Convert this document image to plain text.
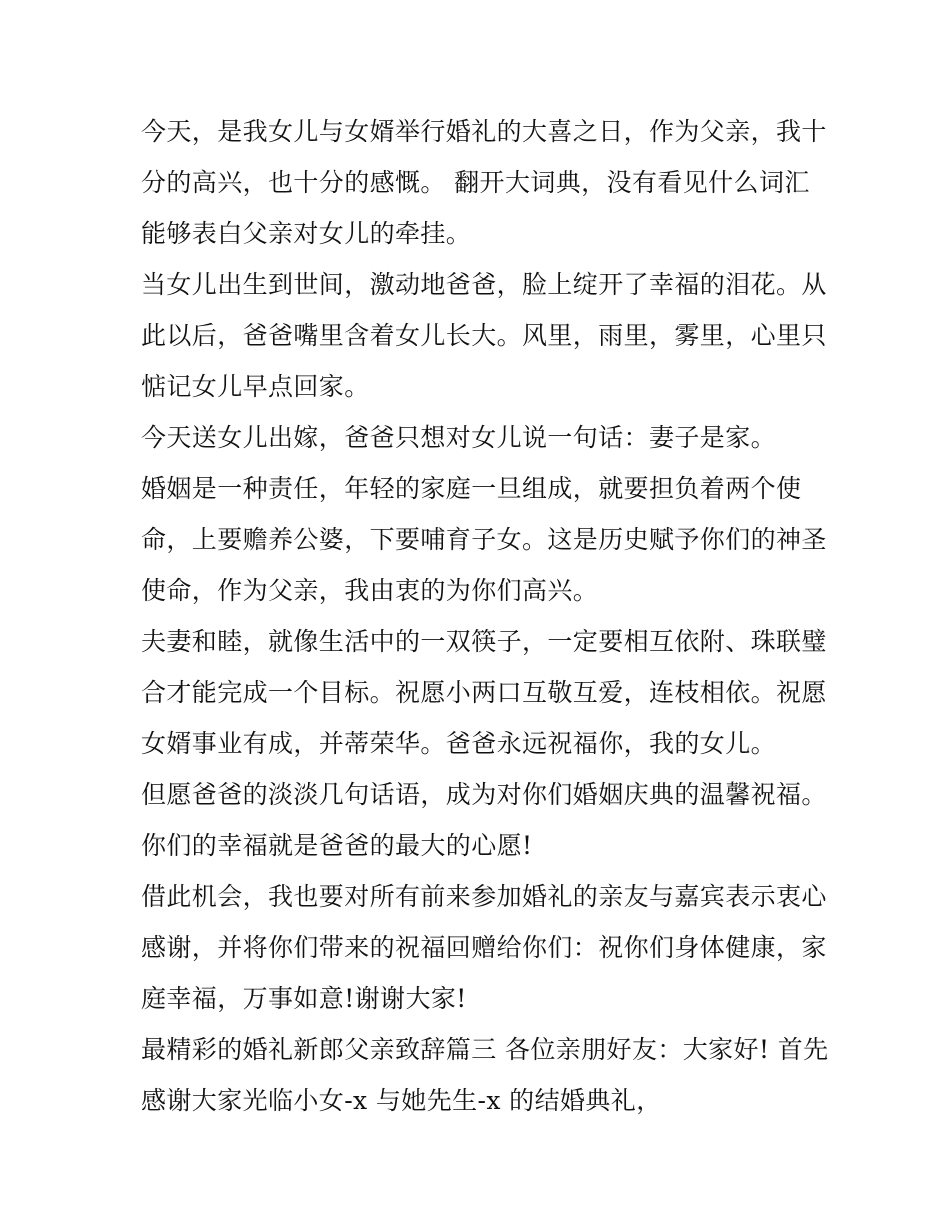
今天，是我女儿与女婿举行婚礼的大喜之日，作为父亲，我十
分的高兴，也十分的感慨。 翻开大词典，没有看见什么词汇
能够表白父亲对女儿的牵挂。
当女儿出生到世间，激动地爸爸，脸上绽开了幸福的泪花。从
此以后，爸爸嘴里含着女儿长大。风里，雨里，雾里，心里只
惦记女儿早点回家。
今天送女儿出嫁，爸爸只想对女儿说一句话：妻子是家。
婚姻是一种责任，年轻的家庭一旦组成，就要担负着两个使
命，上要赡养公婆，下要哺育子女。这是历史赋予你们的神圣
使命，作为父亲，我由衷的为你们高兴。
夫妻和睦，就像生活中的一双筷子，一定要相互依附、珠联璧
合才能完成一个目标。祝愿小两口互敬互爱，连枝相依。祝愿
女婿事业有成，并蒂荣华。爸爸永远祝福你，我的女儿。
但愿爸爸的淡淡几句话语，成为对你们婚姻庆典的温馨祝福。
你们的幸福就是爸爸的最大的心愿!
借此机会，我也要对所有前来参加婚礼的亲友与嘉宾表示衷心
感谢，并将你们带来的祝福回赠给你们：祝你们身体健康，家
庭幸福，万事如意!谢谢大家!
最精彩的婚礼新郎父亲致辞篇三 各位亲朋好友：大家好! 首先
感谢大家光临小女-x 与她先生-x 的结婚典礼，
